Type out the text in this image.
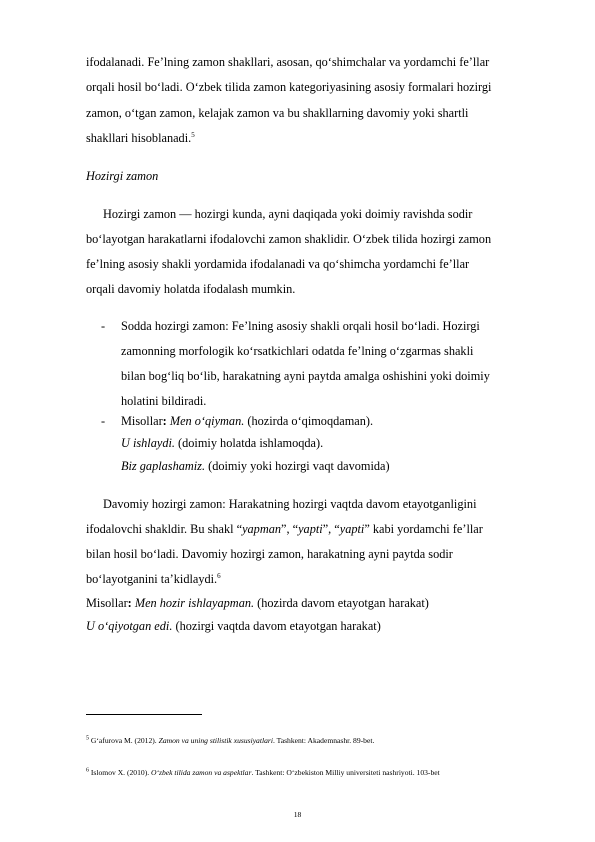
ifodalanadi. Fe’lning zamon shakllari, asosan, qo‘shimchalar va yordamchi fe’llar
orqali hosil bo‘ladi. O‘zbek tilida zamon kategoriyasining asosiy formalari hozirgi
zamon, o‘tgan zamon, kelajak zamon va bu shakllarning davomiy yoki shartli
shakllari hisoblanadi.$^5$
Hozirgi zamon
Hozirgi zamon — hozirgi kunda, ayni daqiqada yoki doimiy ravishda sodir
bo‘layotgan harakatlarni ifodalovchi zamon shaklidir. O‘zbek tilida hozirgi zamon
fe’lning asosiy shakli yordamida ifodalanadi va qo‘shimcha yordamchi fe’llar
orqali davomiy holatda ifodalash mumkin.
- Sodda hozirgi zamon: Fe’lning asosiy shakli orqali hosil bo‘ladi. Hozirgi
zamonning morfologik ko‘rsatkichlari odatda fe’lning o‘zgarmas shakli
bilan bog‘liq bo‘lib, harakatning ayni paytda amalga oshishini yoki doimiy
holatini bildiradi.
- Misollar: Men o‘qiyman. (hozirda o‘qimoqdaman).
U ishlaydi. (doimiy holatda ishlamoqda).
Biz gaplashamiz. (doimiy yoki hozirgi vaqt davomida)
Davomiy hozirgi zamon: Harakatning hozirgi vaqtda davom etayotganligini
ifodalovchi shakldir. Bu shakl “yapman”, “yapti”, “yapti” kabi yordamchi fe’llar
bilan hosil bo‘ladi. Davomiy hozirgi zamon, harakatning ayni paytda sodir
bo‘layotganini ta’kidlaydi.$^6$
Misollar: Men hozir ishlayapman. (hozirda davom etayotgan harakat)
U o‘qiyotgan edi. (hozirgi vaqtda davom etayotgan harakat)
$^5$ G‘afurova M. (2012). Zamon va uning stilistik xususiyatlari. Tashkent: Akademnashr. 89-bet.
$^6$ Islomov X. (2010). O‘zbek tilida zamon va aspektlar. Tashkent: O‘zbekiston Milliy universiteti nashriyoti. 103-bet
18
